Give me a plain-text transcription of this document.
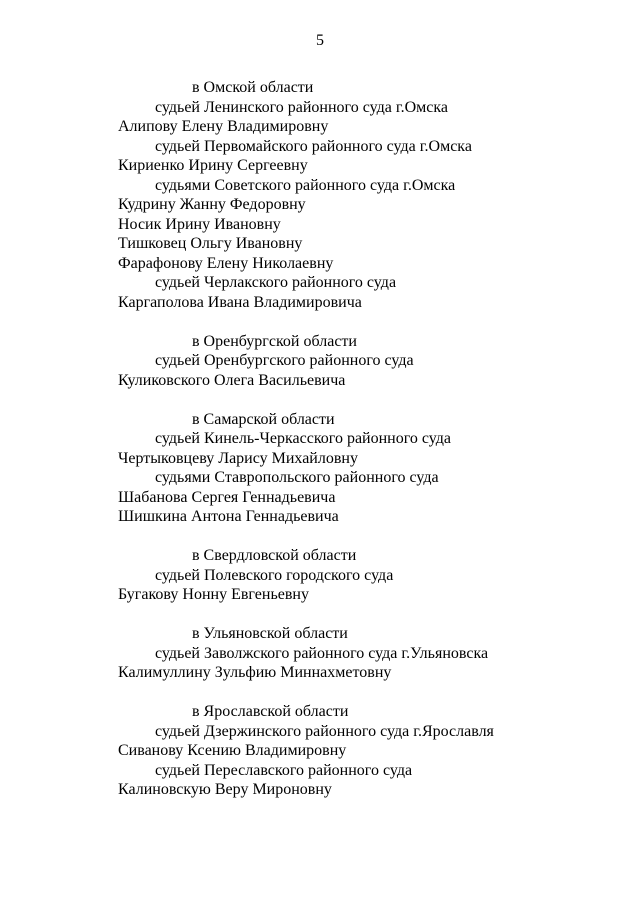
5
в Омской области
судьей Ленинского районного суда г.Омска
Алипову Елену Владимировну
судьей Первомайского районного суда г.Омска
Кириенко Ирину Сергеевну
судьями Советского районного суда г.Омска
Кудрину Жанну Федоровну
Носик Ирину Ивановну
Тишковец Ольгу Ивановну
Фарафонову Елену Николаевну
судьей Черлакского районного суда
Каргаполова Ивана Владимировича
в Оренбургской области
судьей Оренбургского районного суда
Куликовского Олега Васильевича
в Самарской области
судьей Кинель-Черкасского районного суда
Чертыковцеву Ларису Михайловну
судьями Ставропольского районного суда
Шабанова Сергея Геннадьевича
Шишкина Антона Геннадьевича
в Свердловской области
судьей Полевского городского суда
Бугакову Нонну Евгеньевну
в Ульяновской области
судьей Заволжского районного суда г.Ульяновска
Калимуллину Зульфию Миннахметовну
в Ярославской области
судьей Дзержинского районного суда г.Ярославля
Сиванову Ксению Владимировну
судьей Переславского районного суда
Калиновскую Веру Мироновну
